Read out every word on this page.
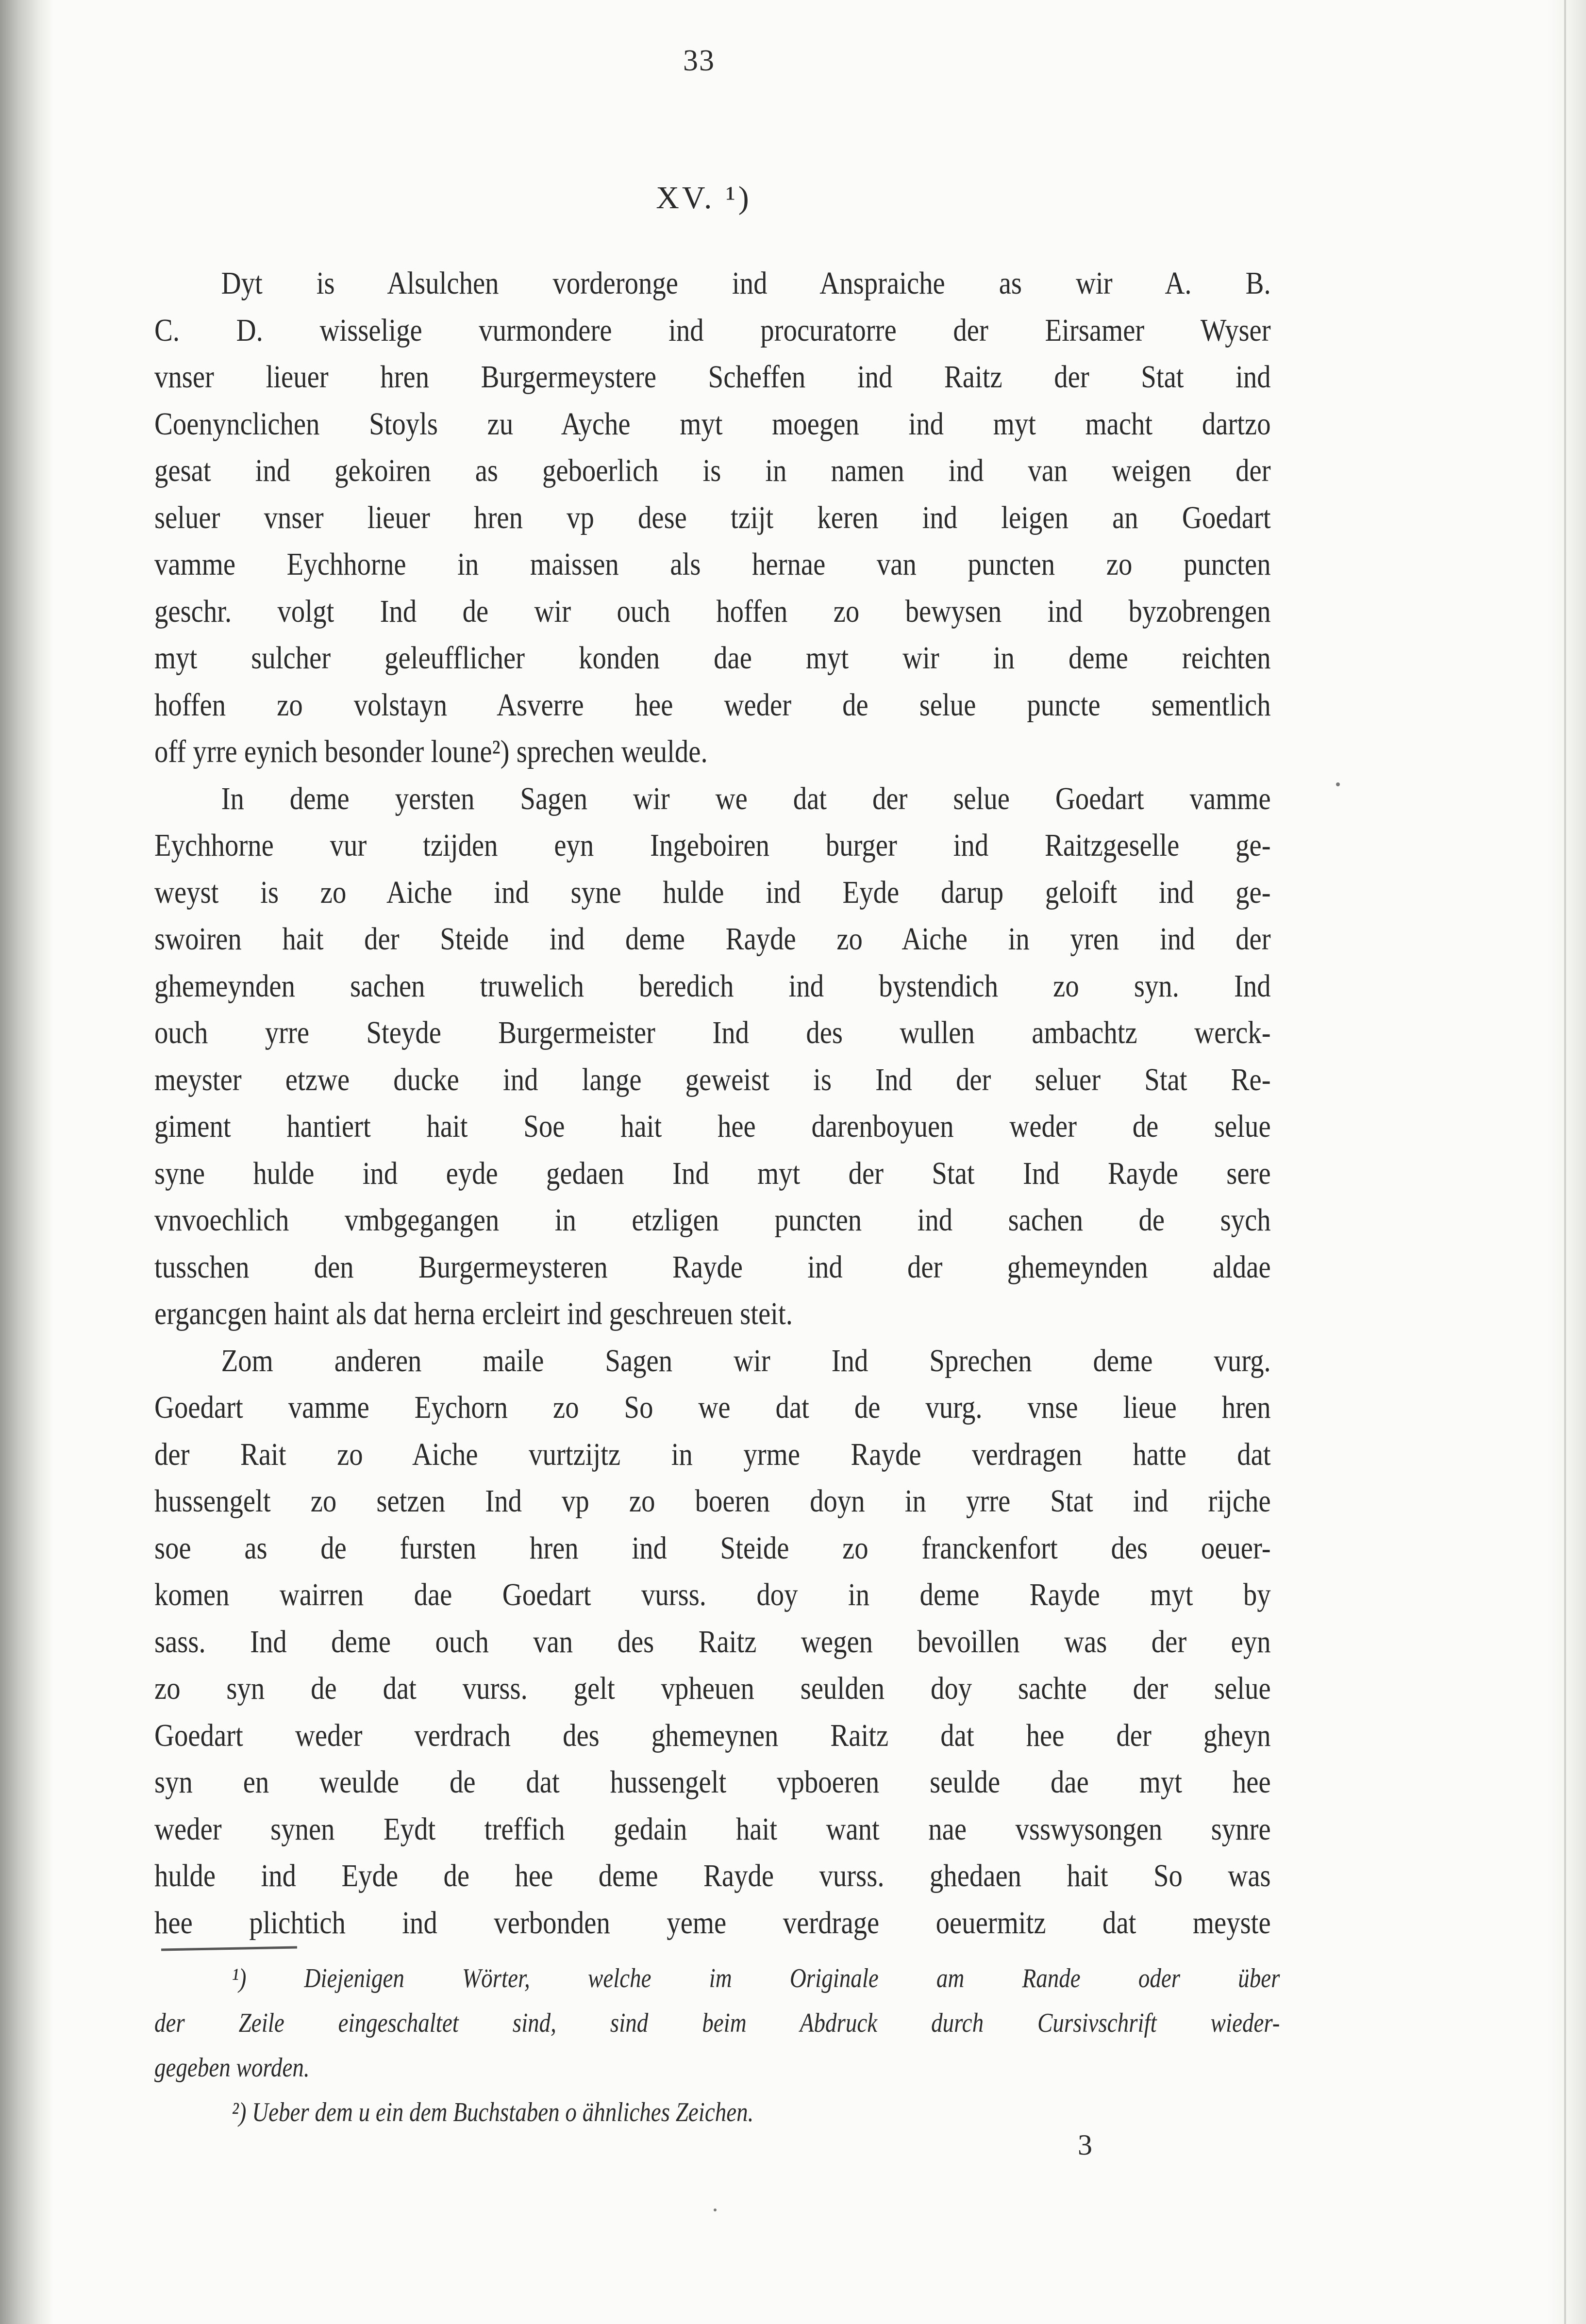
33
XV. ¹)
Dyt is Alsulchen vorderonge ind Anspraiche as wir A. B.
C. D. wisselige vurmondere ind procuratorre der Eirsamer Wyser
vnser lieuer hren Burgermeystere Scheffen ind Raitz der Stat ind
Coenynclichen Stoyls zu Ayche myt moegen ind myt macht dartzo
gesat ind gekoiren as geboerlich is in namen ind van weigen der
seluer vnser lieuer hren vp dese tzijt keren ind leigen an Goedart
vamme Eychhorne in maissen als hernae van puncten zo puncten
geschr. volgt Ind de wir ouch hoffen zo bewysen ind byzobrengen
myt sulcher geleufflicher konden dae myt wir in deme reichten
hoffen zo volstayn Asverre hee weder de selue puncte sementlich
off yrre eynich besonder loune²) sprechen weulde.
In deme yersten Sagen wir we dat der selue Goedart vamme
Eychhorne vur tzijden eyn Ingeboiren burger ind Raitzgeselle ge-
weyst is zo Aiche ind syne hulde ind Eyde darup geloift ind ge-
swoiren hait der Steide ind deme Rayde zo Aiche in yren ind der
ghemeynden sachen truwelich beredich ind bystendich zo syn. Ind
ouch yrre Steyde Burgermeister Ind des wullen ambachtz werck-
meyster etzwe ducke ind lange geweist is Ind der seluer Stat Re-
giment hantiert hait Soe hait hee darenboyuen weder de selue
syne hulde ind eyde gedaen Ind myt der Stat Ind Rayde sere
vnvoechlich vmbgegangen in etzligen puncten ind sachen de sych
tusschen den Burgermeysteren Rayde ind der ghemeynden aldae
ergancgen haint als dat herna ercleirt ind geschreuen steit.
Zom anderen maile Sagen wir Ind Sprechen deme vurg.
Goedart vamme Eychorn zo So we dat de vurg. vnse lieue hren
der Rait zo Aiche vurtzijtz in yrme Rayde verdragen hatte dat
hussengelt zo setzen Ind vp zo boeren doyn in yrre Stat ind rijche
soe as de fursten hren ind Steide zo franckenfort des oeuer-
komen wairren dae Goedart vurss. doy in deme Rayde myt by
sass. Ind deme ouch van des Raitz wegen bevoillen was der eyn
zo syn de dat vurss. gelt vpheuen seulden doy sachte der selue
Goedart weder verdrach des ghemeynen Raitz dat hee der gheyn
syn en weulde de dat hussengelt vpboeren seulde dae myt hee
weder synen Eydt treffich gedain hait want nae vsswysongen synre
hulde ind Eyde de hee deme Rayde vurss. ghedaen hait So was
hee plichtich ind verbonden yeme verdrage oeuermitz dat meyste
¹) Diejenigen Wörter, welche im Originale am Rande oder über
der Zeile eingeschaltet sind, sind beim Abdruck durch Cursivschrift wieder-
gegeben worden.
²) Ueber dem u ein dem Buchstaben o ähnliches Zeichen.
3
